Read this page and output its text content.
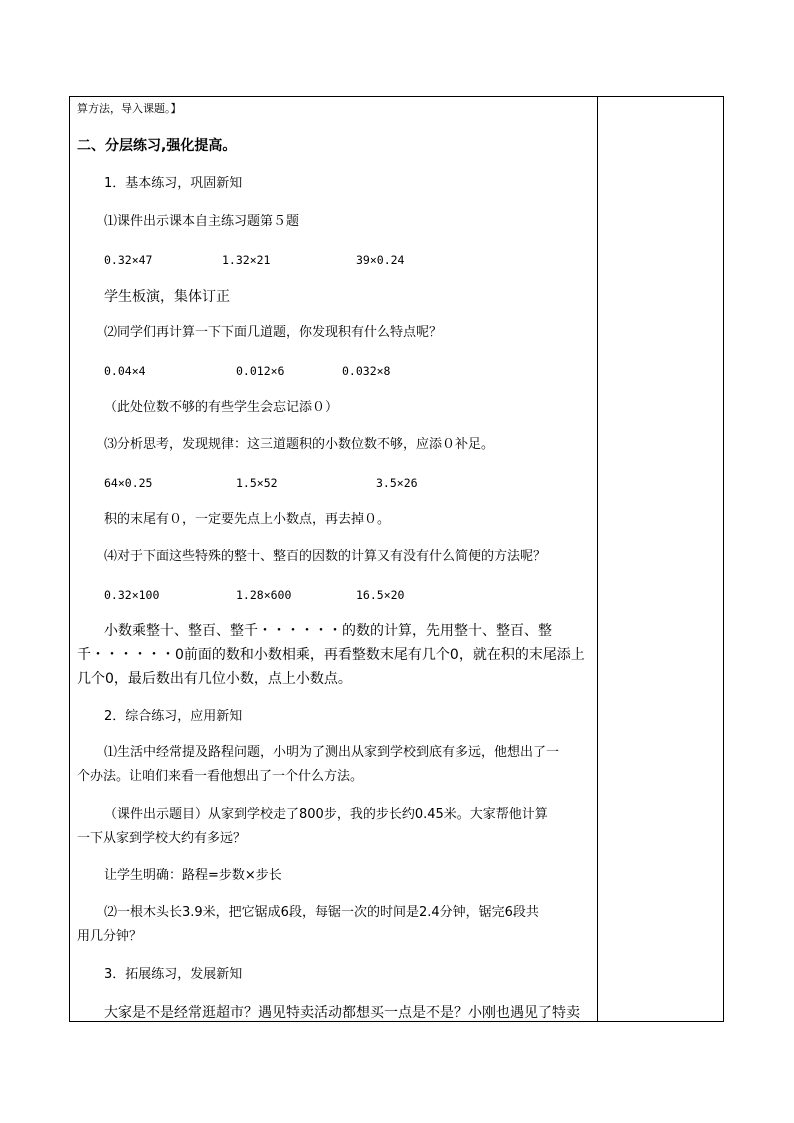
算方法，导入课题。】
二、分层练习,强化提高。
1．基本练习，巩固新知
⑴课件出示课本自主练习题第５题
0.32×47	1.32×21	39×0.24
学生板演，集体订正
⑵同学们再计算一下下面几道题，你发现积有什么特点呢？
0.04×4	0.012×6	0.032×8
（此处位数不够的有些学生会忘记添０）
⑶分析思考，发现规律：这三道题积的小数位数不够，应添０补足。
64×0.25	1.5×52	3.5×26
积的末尾有０，一定要先点上小数点，再去掉０。
⑷对于下面这些特殊的整十、整百的因数的计算又有没有什么简便的方法呢？
0.32×100	1.28×600	16.5×20
小数乘整十、整百、整千・・・・・・的数的计算，先用整十、整百、整
千・・・・・・0前面的数和小数相乘，再看整数末尾有几个0，就在积的末尾添上
几个0，最后数出有几位小数，点上小数点。
2．综合练习，应用新知
⑴生活中经常提及路程问题，小明为了测出从家到学校到底有多远，他想出了一
个办法。让咱们来看一看他想出了一个什么方法。
（课件出示题目）从家到学校走了800步，我的步长约0.45米。大家帮他计算
一下从家到学校大约有多远？
让学生明确：路程=步数×步长
⑵一根木头长3.9米，把它锯成6段，每锯一次的时间是2.4分钟，锯完6段共
用几分钟？
3．拓展练习，发展新知
大家是不是经常逛超市？遇见特卖活动都想买一点是不是？小刚也遇见了特卖
